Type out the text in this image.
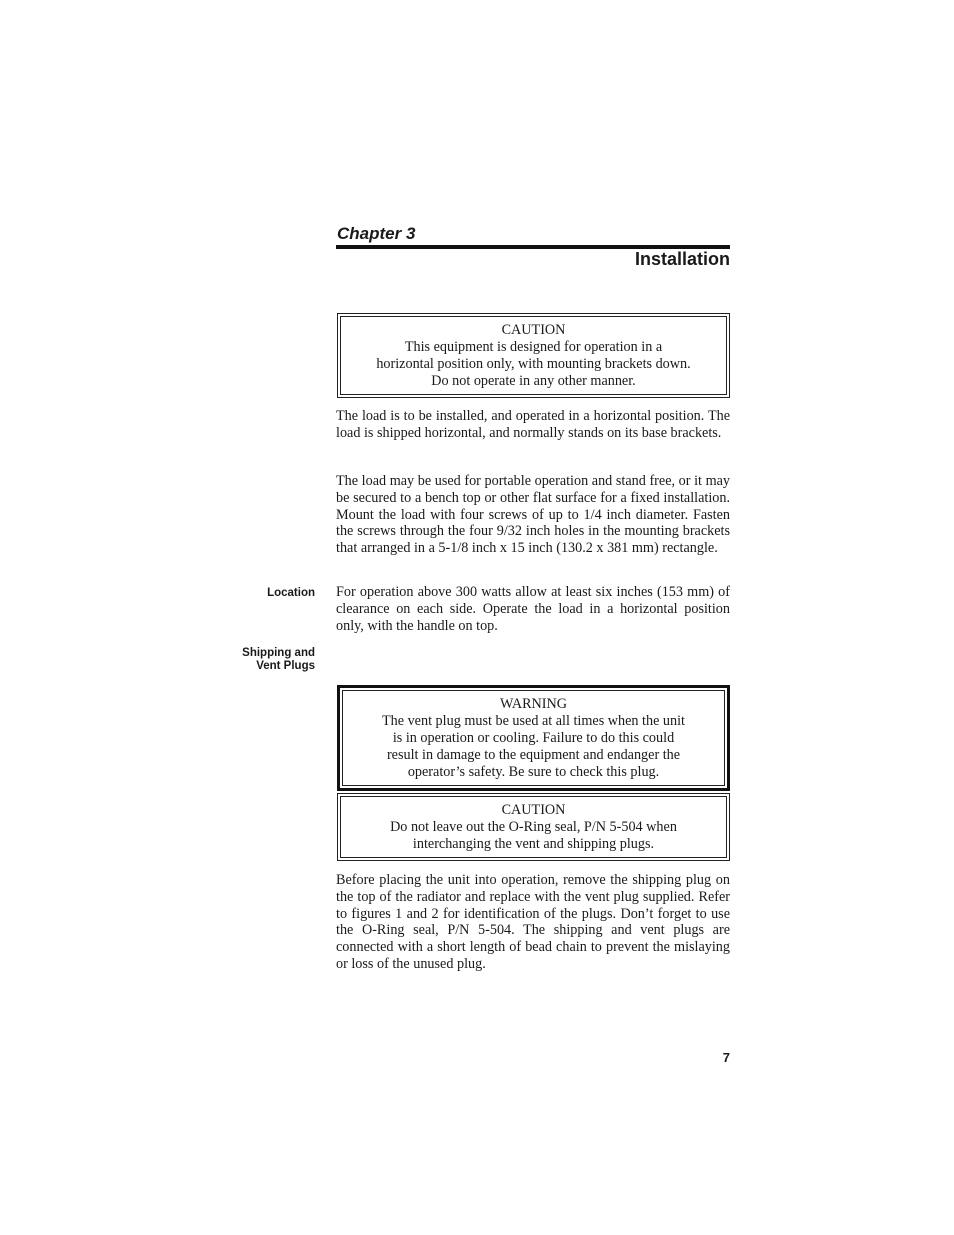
Chapter 3
Installation
CAUTION
This equipment is designed for operation in a
horizontal position only, with mounting brackets down.
Do not operate in any other manner.

The load is to be installed, and operated in a horizontal position. The load is shipped horizontal, and normally stands on its base brackets.

The load may be used for portable operation and stand free, or it may be secured to a bench top or other flat surface for a fixed installation. Mount the load with four screws of up to 1/4 inch diameter. Fasten the screws through the four 9/32 inch holes in the mounting brackets that arranged in a 5-1/8 inch x 15 inch (130.2 x 381 mm) rectangle.

Location For operation above 300 watts allow at least six inches (153 mm) of clearance on each side. Operate the load in a horizontal position only, with the handle on top.

Shipping and
Vent Plugs
WARNING
The vent plug must be used at all times when the unit
is in operation or cooling. Failure to do this could
result in damage to the equipment and endanger the
operator’s safety. Be sure to check this plug.
CAUTION
Do not leave out the O-Ring seal, P/N 5-504 when
interchanging the vent and shipping plugs.

Before placing the unit into operation, remove the shipping plug on the top of the radiator and replace with the vent plug supplied. Refer to figures 1 and 2 for identification of the plugs. Don’t forget to use the O-Ring seal, P/N 5-504. The shipping and vent plugs are connected with a short length of bead chain to prevent the mislaying or loss of the unused plug.

7
